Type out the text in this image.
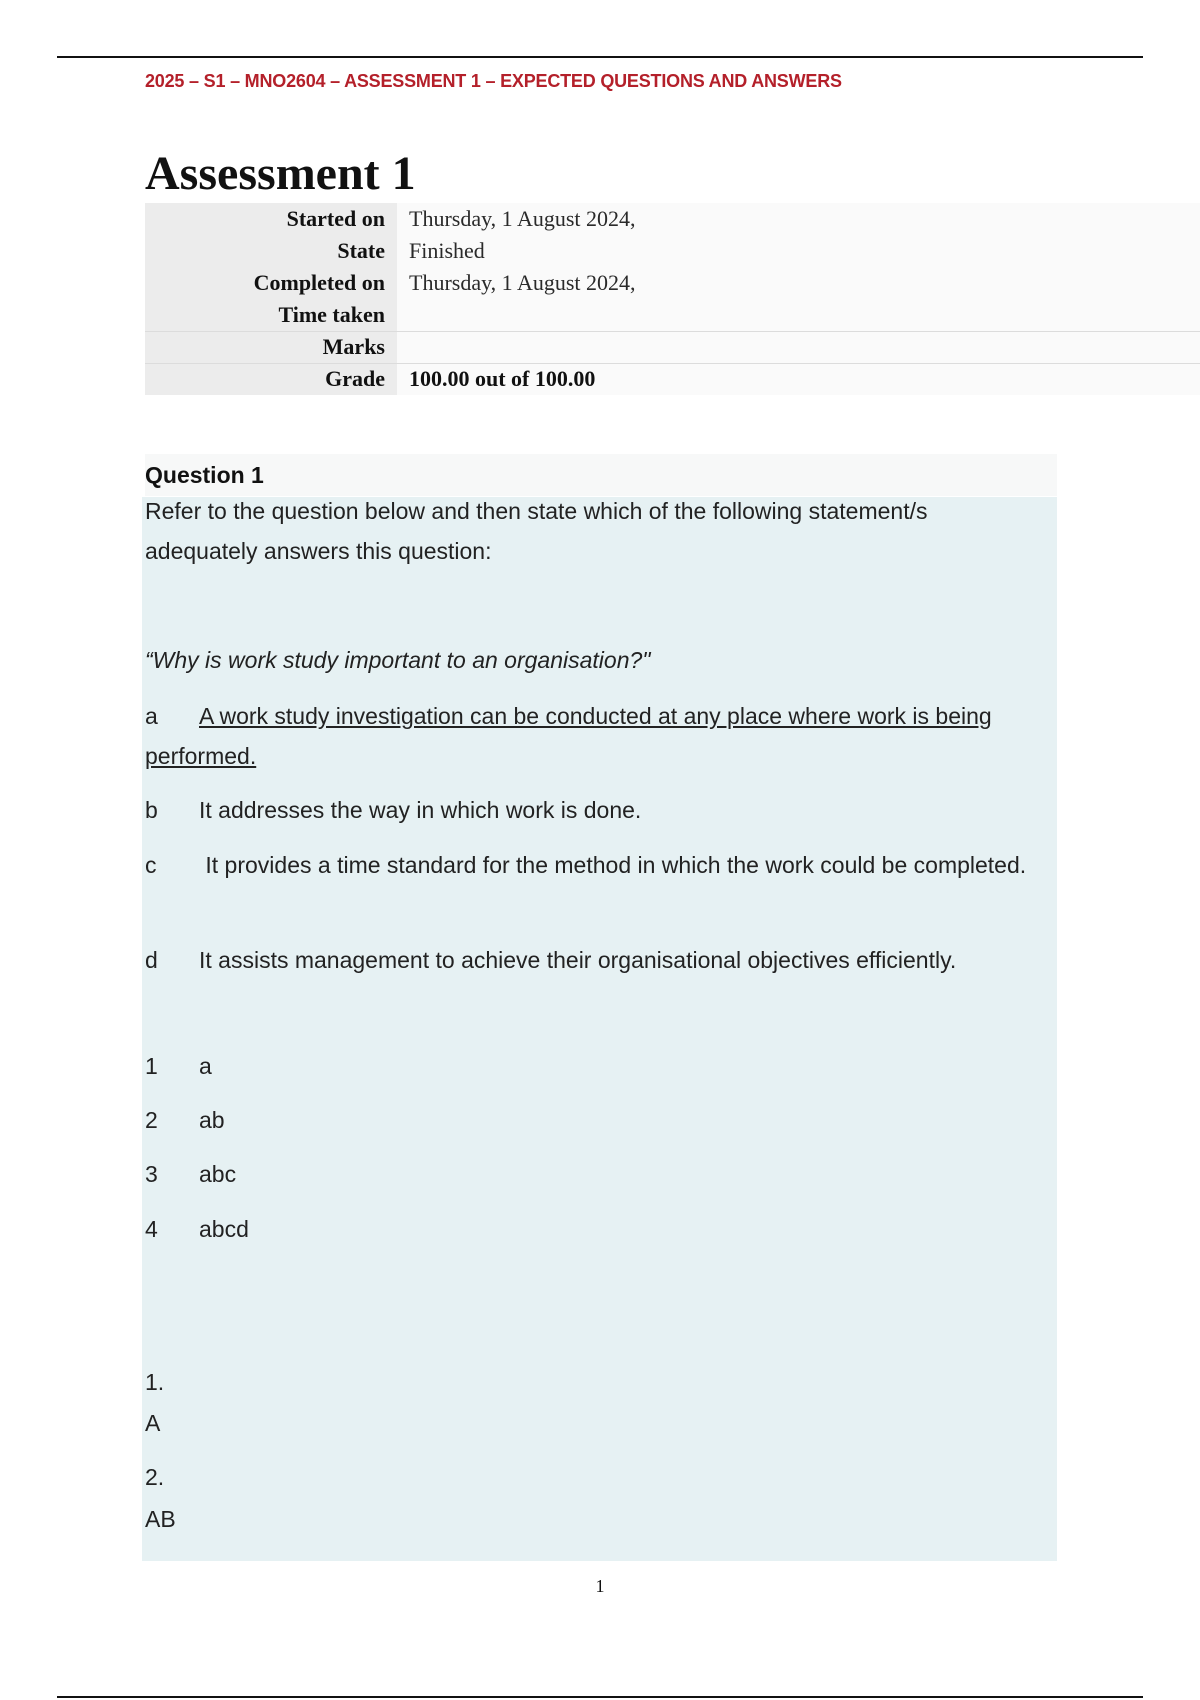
2025 – S1 – MNO2604 – ASSESSMENT 1 – EXPECTED QUESTIONS AND ANSWERS
Assessment 1
Started on	Thursday, 1 August 2024,
State	Finished
Completed on	Thursday, 1 August 2024,
Time taken	
Marks	
Grade	100.00 out of 100.00
Question 1
Refer to the question below and then state which of the following statement/s adequately answers this question:
“Why is work study important to an organisation?"
a A work study investigation can be conducted at any place where work is being performed.
b It addresses the way in which work is done.
c It provides a time standard for the method in which the work could be completed.
d It assists management to achieve their organisational objectives efficiently.
1 a
2 ab
3 abc
4 abcd
1.
A
2.
AB
1
